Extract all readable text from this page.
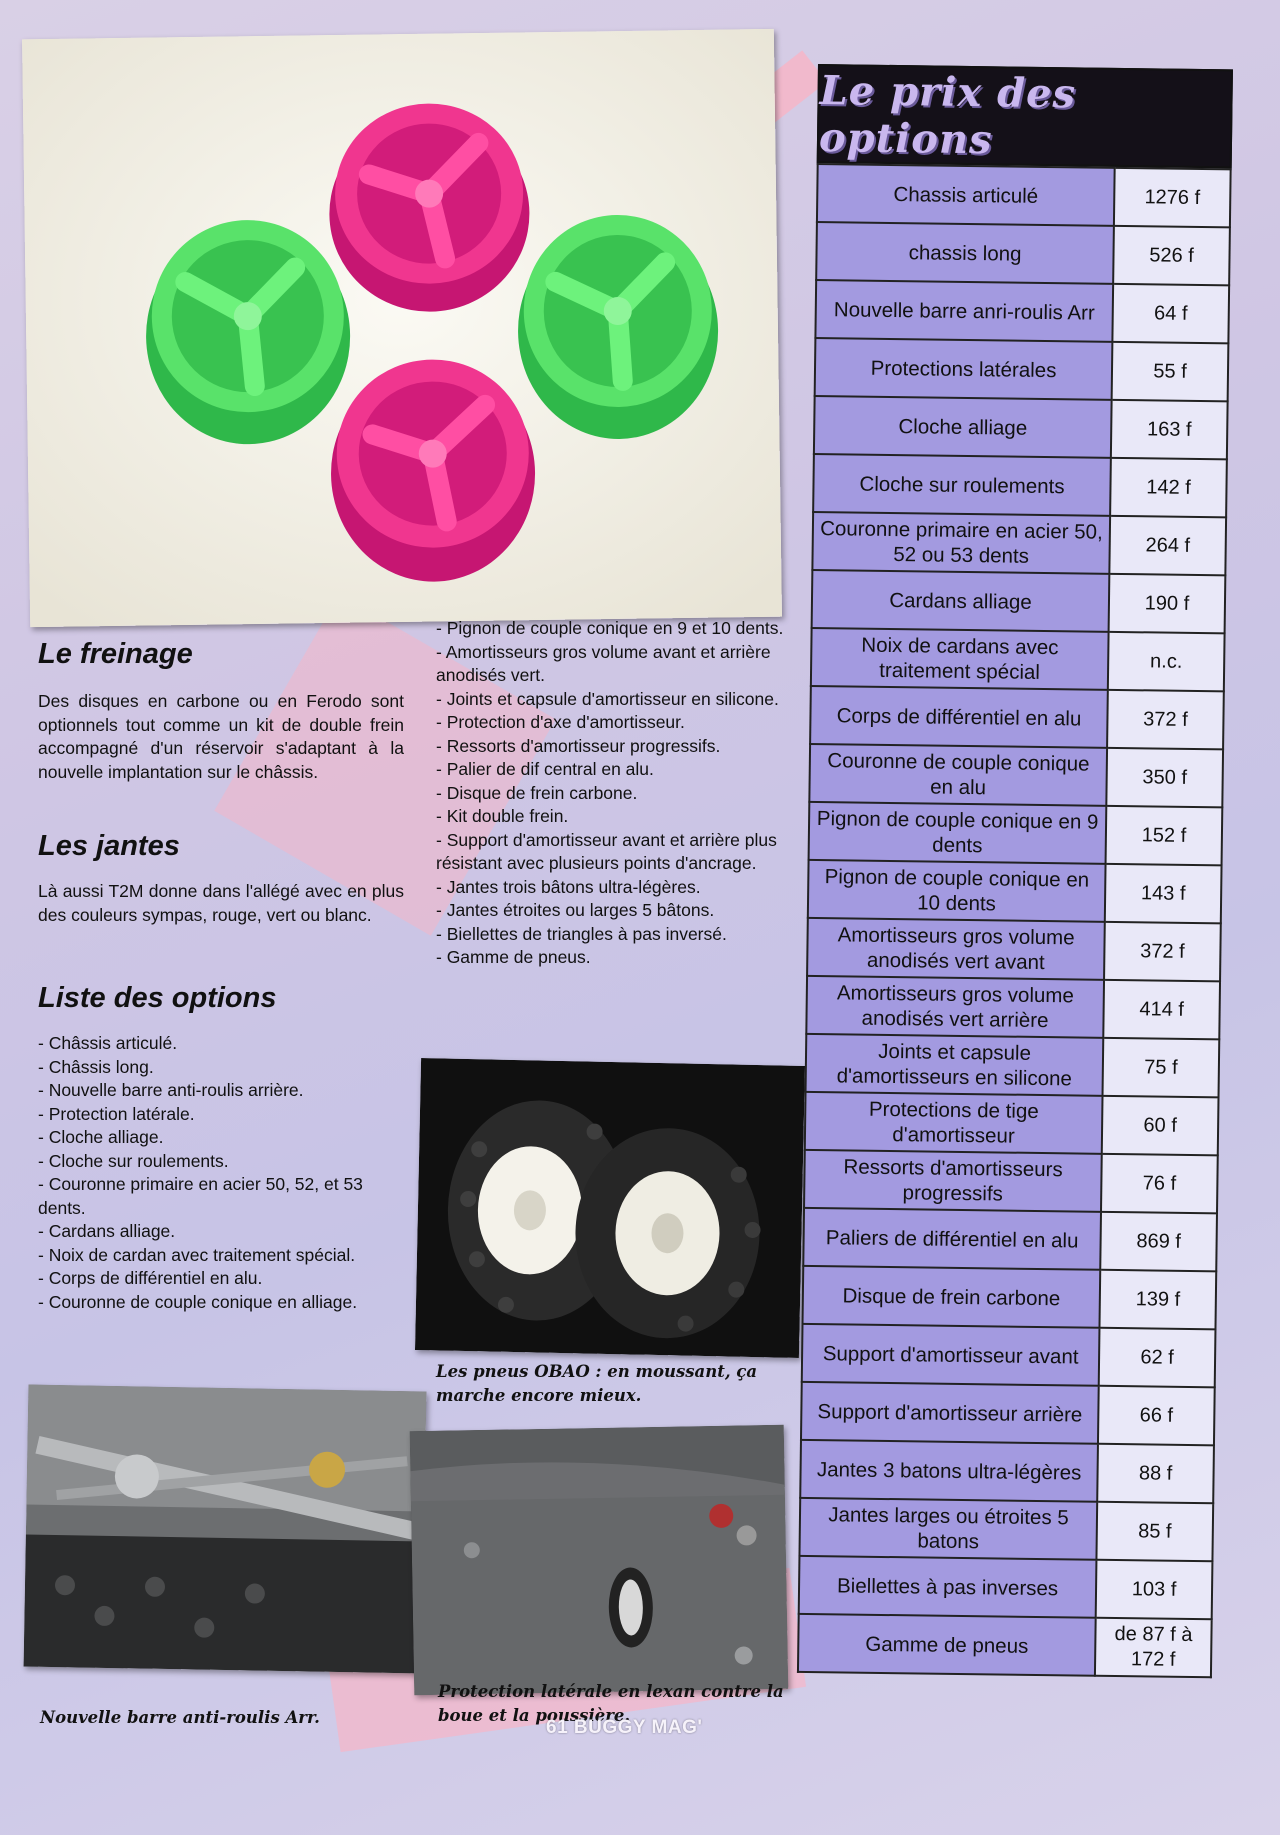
Le freinage

Des disques en carbone ou en Ferodo sont optionnels tout comme un kit de double frein accompagné d'un réservoir s'adaptant à la nouvelle implantation sur le châssis.

Les jantes

Là aussi T2M donne dans l'allégé avec en plus des couleurs sympas, rouge, vert ou blanc.

Liste des options
- Châssis articulé.
- Châssis long.
- Nouvelle barre anti-roulis arrière.
- Protection latérale.
- Cloche alliage.
- Cloche sur roulements.
- Couronne primaire en acier 50, 52, et 53 dents.
- Cardans alliage.
- Noix de cardan avec traitement spécial.
- Corps de différentiel en alu.
- Couronne de couple conique en alliage.
- Pignon de couple conique en 9 et 10 dents.
- Amortisseurs gros volume avant et arrière anodisés vert.
- Joints et capsule d'amortisseur en silicone.
- Protection d'axe d'amortisseur.
- Ressorts d'amortisseur progressifs.
- Palier de dif central en alu.
- Disque de frein carbone.
- Kit double frein.
- Support d'amortisseur avant et arrière plus résistant avec plusieurs points d'ancrage.
- Jantes trois bâtons ultra-légères.
- Jantes étroites ou larges 5 bâtons.
- Biellettes de triangles à pas inversé.
- Gamme de pneus.

Les pneus OBAO : en moussant, ça marche encore mieux.

Nouvelle barre anti-roulis Arr.

Protection latérale en lexan contre la boue et la poussière.

Le prix des options
Chassis articulé	1276 f
chassis long	526 f
Nouvelle barre anri-roulis Arr	64 f
Protections latérales	55 f
Cloche alliage	163 f
Cloche sur roulements	142 f
Couronne primaire en acier 50, 52 ou 53 dents	264 f
Cardans alliage	190 f
Noix de cardans avec traitement spécial	n.c.
Corps de différentiel en alu	372 f
Couronne de couple conique en alu	350 f
Pignon de couple conique en 9 dents	152 f
Pignon de couple conique en 10 dents	143 f
Amortisseurs gros volume anodisés vert avant	372 f
Amortisseurs gros volume anodisés vert arrière	414 f
Joints et capsule d'amortisseurs en silicone	75 f
Protections de tige d'amortisseur	60 f
Ressorts d'amortisseurs progressifs	76 f
Paliers de différentiel en alu	869 f
Disque de frein carbone	139 f
Support d'amortisseur avant	62 f
Support d'amortisseur arrière	66 f
Jantes 3 batons ultra-légères	88 f
Jantes larges ou étroites 5 batons	85 f
Biellettes à pas inverses	103 f
Gamme de pneus	de 87 f à 172 f
61 BUGGY MAG'
